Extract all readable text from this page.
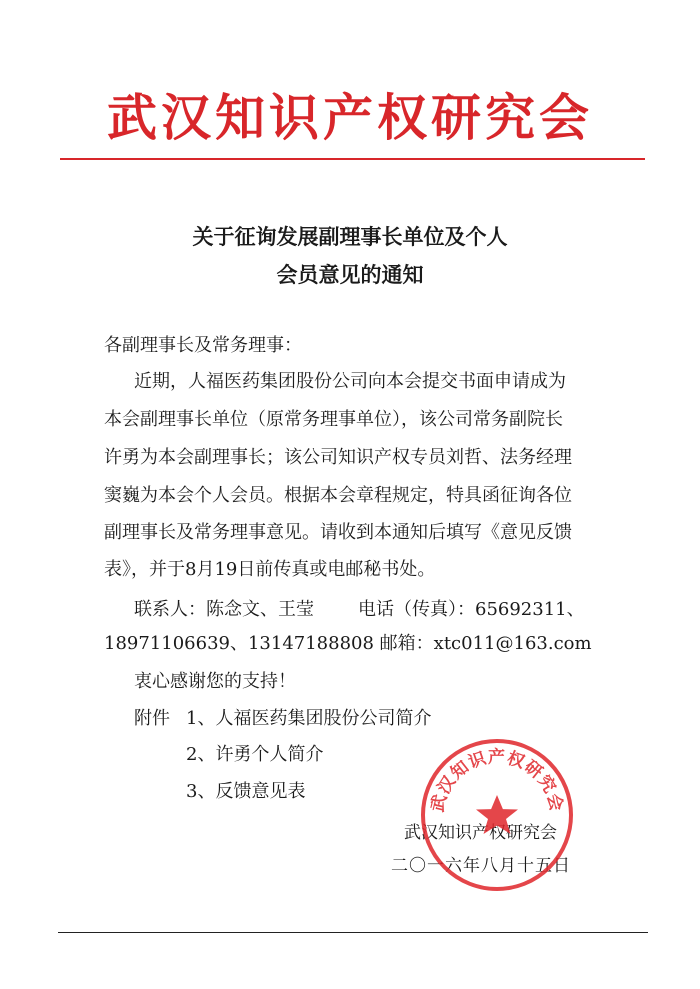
武汉知识产权研究会
关于征询发展副理事长单位及个人
会员意见的通知
各副理事长及常务理事：
近期，人福医药集团股份公司向本会提交书面申请成为
本会副理事长单位（原常务理事单位），该公司常务副院长
许勇为本会副理事长；该公司知识产权专员刘哲、法务经理
窦巍为本会个人会员。根据本会章程规定，特具函征询各位
副理事长及常务理事意见。请收到本通知后填写《意见反馈
表》，并于8月19日前传真或电邮秘书处。
联系人：陈念文、王莹 电话（传真）：65692311、
18971106639、13147188808 邮箱：xtc011@163.com
衷心感谢您的支持！
附件 1、人福医药集团股份公司简介
2、许勇个人简介
3、反馈意见表
武汉知识产权研究会
二〇一六年八月十五日
武汉知识产权研究会
